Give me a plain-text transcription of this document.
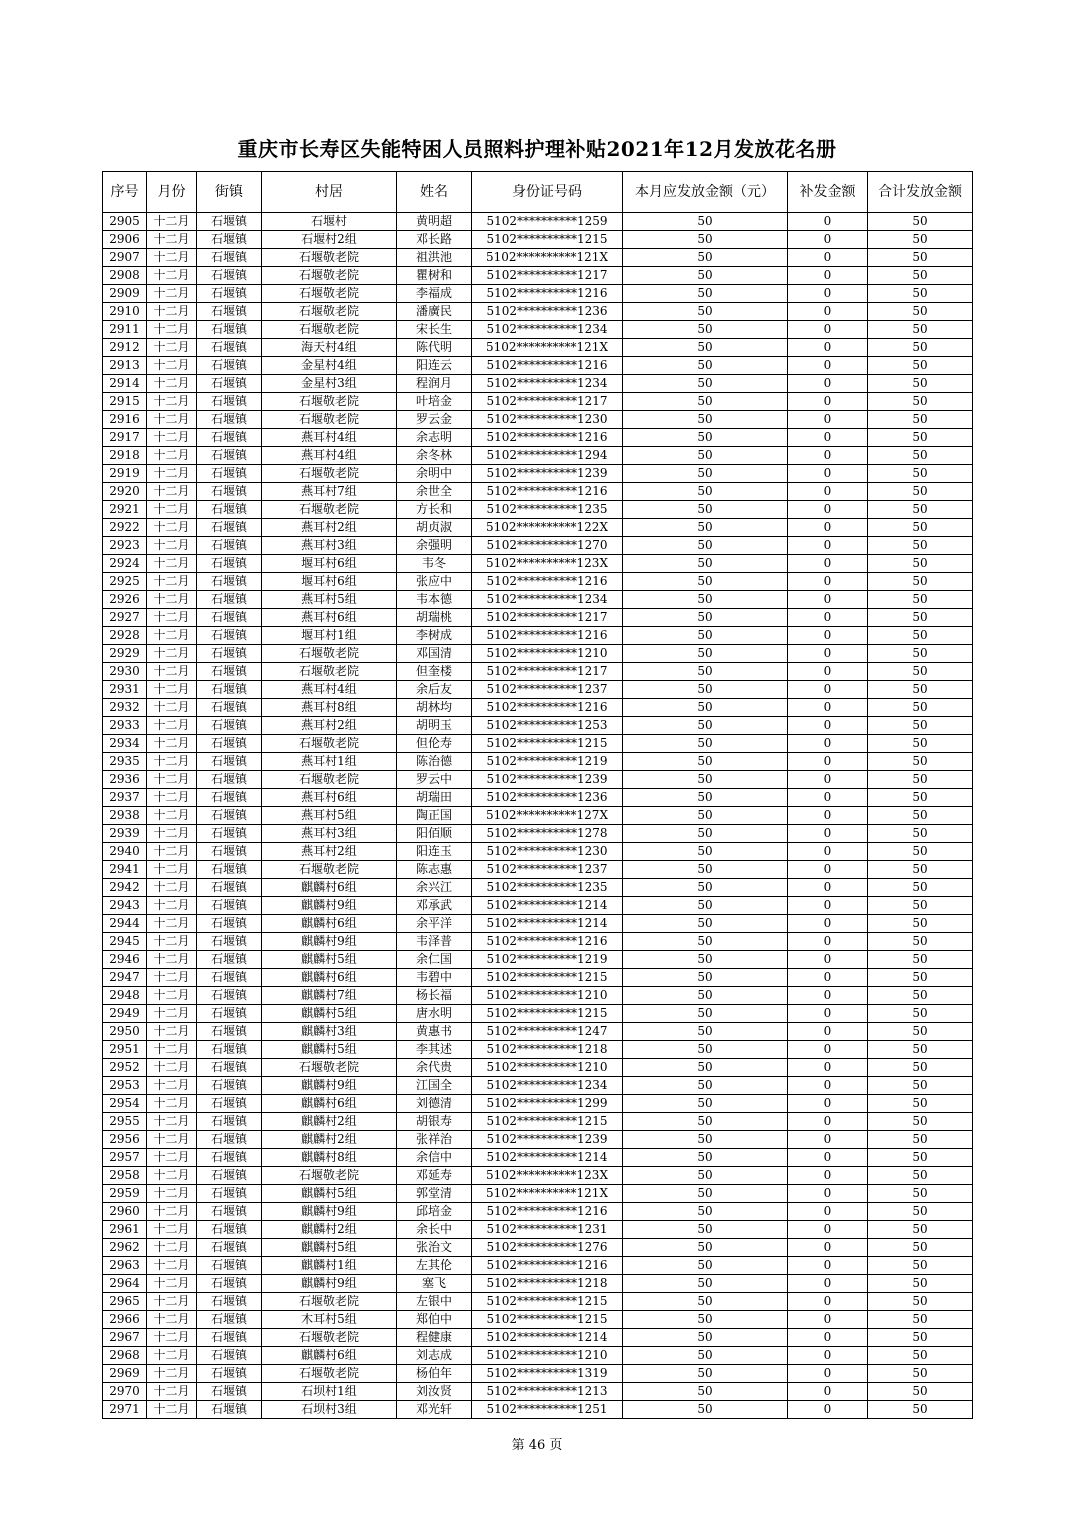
重庆市长寿区失能特困人员照料护理补贴2021年12月发放花名册
序号	月份	街镇	村居	姓名	身份证号码	本月应发放金额（元）	补发金额	合计发放金额
2905	十二月	石堰镇	石堰村	黄明超	5102**********1259	50	0	50
2906	十二月	石堰镇	石堰村2组	邓长路	5102**********1215	50	0	50
2907	十二月	石堰镇	石堰敬老院	祖洪池	5102**********121X	50	0	50
2908	十二月	石堰镇	石堰敬老院	瞿树和	5102**********1217	50	0	50
2909	十二月	石堰镇	石堰敬老院	李福成	5102**********1216	50	0	50
2910	十二月	石堰镇	石堰敬老院	潘廣民	5102**********1236	50	0	50
2911	十二月	石堰镇	石堰敬老院	宋长生	5102**********1234	50	0	50
2912	十二月	石堰镇	海天村4组	陈代明	5102**********121X	50	0	50
2913	十二月	石堰镇	金星村4组	阳连云	5102**********1216	50	0	50
2914	十二月	石堰镇	金星村3组	程润月	5102**********1234	50	0	50
2915	十二月	石堰镇	石堰敬老院	叶培金	5102**********1217	50	0	50
2916	十二月	石堰镇	石堰敬老院	罗云金	5102**********1230	50	0	50
2917	十二月	石堰镇	燕耳村4组	余志明	5102**********1216	50	0	50
2918	十二月	石堰镇	燕耳村4组	余冬林	5102**********1294	50	0	50
2919	十二月	石堰镇	石堰敬老院	余明中	5102**********1239	50	0	50
2920	十二月	石堰镇	燕耳村7组	余世全	5102**********1216	50	0	50
2921	十二月	石堰镇	石堰敬老院	方长和	5102**********1235	50	0	50
2922	十二月	石堰镇	燕耳村2组	胡贞淑	5102**********122X	50	0	50
2923	十二月	石堰镇	燕耳村3组	余强明	5102**********1270	50	0	50
2924	十二月	石堰镇	堰耳村6组	韦冬	5102**********123X	50	0	50
2925	十二月	石堰镇	堰耳村6组	张应中	5102**********1216	50	0	50
2926	十二月	石堰镇	燕耳村5组	韦本德	5102**********1234	50	0	50
2927	十二月	石堰镇	燕耳村6组	胡瑞桃	5102**********1217	50	0	50
2928	十二月	石堰镇	堰耳村1组	李树成	5102**********1216	50	0	50
2929	十二月	石堰镇	石堰敬老院	邓国清	5102**********1210	50	0	50
2930	十二月	石堰镇	石堰敬老院	但奎楼	5102**********1217	50	0	50
2931	十二月	石堰镇	燕耳村4组	余后友	5102**********1237	50	0	50
2932	十二月	石堰镇	燕耳村8组	胡林均	5102**********1216	50	0	50
2933	十二月	石堰镇	燕耳村2组	胡明玉	5102**********1253	50	0	50
2934	十二月	石堰镇	石堰敬老院	但伦寿	5102**********1215	50	0	50
2935	十二月	石堰镇	燕耳村1组	陈治德	5102**********1219	50	0	50
2936	十二月	石堰镇	石堰敬老院	罗云中	5102**********1239	50	0	50
2937	十二月	石堰镇	燕耳村6组	胡瑞田	5102**********1236	50	0	50
2938	十二月	石堰镇	燕耳村5组	陶正国	5102**********127X	50	0	50
2939	十二月	石堰镇	燕耳村3组	阳佰顺	5102**********1278	50	0	50
2940	十二月	石堰镇	燕耳村2组	阳连玉	5102**********1230	50	0	50
2941	十二月	石堰镇	石堰敬老院	陈志惠	5102**********1237	50	0	50
2942	十二月	石堰镇	麒麟村6组	余兴江	5102**********1235	50	0	50
2943	十二月	石堰镇	麒麟村9组	邓承武	5102**********1214	50	0	50
2944	十二月	石堰镇	麒麟村6组	余平洋	5102**********1214	50	0	50
2945	十二月	石堰镇	麒麟村9组	韦泽普	5102**********1216	50	0	50
2946	十二月	石堰镇	麒麟村5组	余仁国	5102**********1219	50	0	50
2947	十二月	石堰镇	麒麟村6组	韦碧中	5102**********1215	50	0	50
2948	十二月	石堰镇	麒麟村7组	杨长福	5102**********1210	50	0	50
2949	十二月	石堰镇	麒麟村5组	唐水明	5102**********1215	50	0	50
2950	十二月	石堰镇	麒麟村3组	黄惠书	5102**********1247	50	0	50
2951	十二月	石堰镇	麒麟村5组	李其述	5102**********1218	50	0	50
2952	十二月	石堰镇	石堰敬老院	余代贵	5102**********1210	50	0	50
2953	十二月	石堰镇	麒麟村9组	江国全	5102**********1234	50	0	50
2954	十二月	石堰镇	麒麟村6组	刘德清	5102**********1299	50	0	50
2955	十二月	石堰镇	麒麟村2组	胡银寿	5102**********1215	50	0	50
2956	十二月	石堰镇	麒麟村2组	张祥治	5102**********1239	50	0	50
2957	十二月	石堰镇	麒麟村8组	余信中	5102**********1214	50	0	50
2958	十二月	石堰镇	石堰敬老院	邓延寿	5102**********123X	50	0	50
2959	十二月	石堰镇	麒麟村5组	郭堂清	5102**********121X	50	0	50
2960	十二月	石堰镇	麒麟村9组	邱培金	5102**********1216	50	0	50
2961	十二月	石堰镇	麒麟村2组	余长中	5102**********1231	50	0	50
2962	十二月	石堰镇	麒麟村5组	张治文	5102**********1276	50	0	50
2963	十二月	石堰镇	麒麟村1组	左其伦	5102**********1216	50	0	50
2964	十二月	石堰镇	麒麟村9组	塞飞	5102**********1218	50	0	50
2965	十二月	石堰镇	石堰敬老院	左银中	5102**********1215	50	0	50
2966	十二月	石堰镇	木耳村5组	郑伯中	5102**********1215	50	0	50
2967	十二月	石堰镇	石堰敬老院	程健康	5102**********1214	50	0	50
2968	十二月	石堰镇	麒麟村6组	刘志成	5102**********1210	50	0	50
2969	十二月	石堰镇	石堰敬老院	杨伯年	5102**********1319	50	0	50
2970	十二月	石堰镇	石坝村1组	刘汝贤	5102**********1213	50	0	50
2971	十二月	石堰镇	石坝村3组	邓光轩	5102**********1251	50	0	50
第 46 页
